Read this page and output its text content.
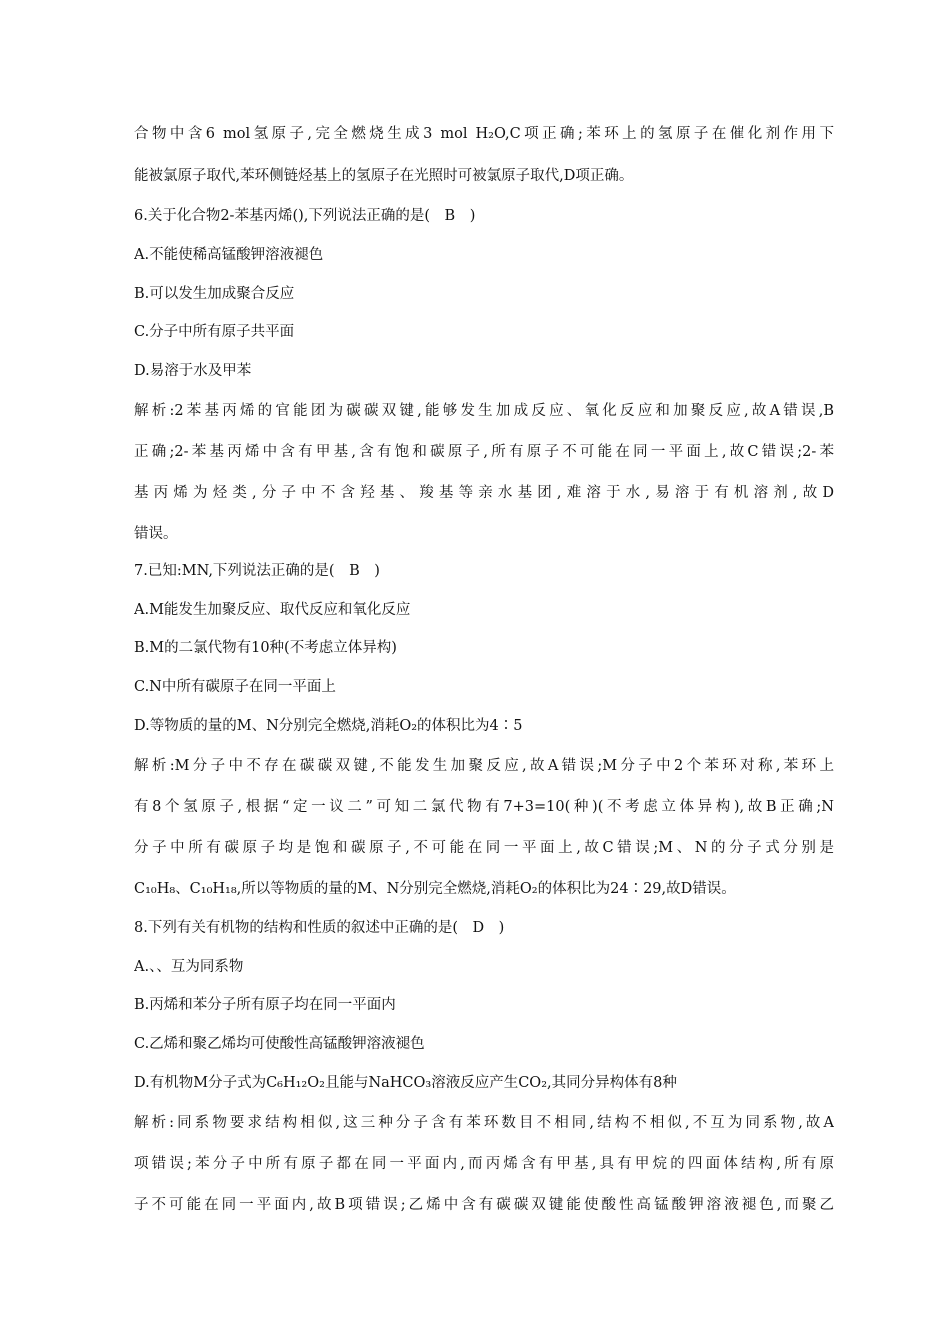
合物中含6 mol氢原子,完全燃烧生成3 mol H₂O,C项正确;苯环上的氢原子在催化剂作用下
能被氯原子取代,苯环侧链烃基上的氢原子在光照时可被氯原子取代,D项正确。
6.关于化合物2-苯基丙烯(),下列说法正确的是(　B　)
A.不能使稀高锰酸钾溶液褪色
B.可以发生加成聚合反应
C.分子中所有原子共平面
D.易溶于水及甲苯
解析:2苯基丙烯的官能团为碳碳双键,能够发生加成反应、氧化反应和加聚反应,故A错误,B
正确;2-苯基丙烯中含有甲基,含有饱和碳原子,所有原子不可能在同一平面上,故C错误;2-苯
基丙烯为烃类,分子中不含羟基、羧基等亲水基团,难溶于水,易溶于有机溶剂,故D
错误。
7.已知:MN,下列说法正确的是(　B　)
A.M能发生加聚反应、取代反应和氧化反应
B.M的二氯代物有10种(不考虑立体异构)
C.N中所有碳原子在同一平面上
D.等物质的量的M、N分别完全燃烧,消耗O₂的体积比为4∶5
解析:M分子中不存在碳碳双键,不能发生加聚反应,故A错误;M分子中2个苯环对称,苯环上
有8个氢原子,根据“定一议二”可知二氯代物有7+3=10(种)(不考虑立体异构),故B正确;N
分子中所有碳原子均是饱和碳原子,不可能在同一平面上,故C错误;M、N的分子式分别是
C₁₀H₈、C₁₀H₁₈,所以等物质的量的M、N分别完全燃烧,消耗O₂的体积比为24∶29,故D错误。
8.下列有关有机物的结构和性质的叙述中正确的是(　D　)
A.、、互为同系物
B.丙烯和苯分子所有原子均在同一平面内
C.乙烯和聚乙烯均可使酸性高锰酸钾溶液褪色
D.有机物M分子式为C₆H₁₂O₂且能与NaHCO₃溶液反应产生CO₂,其同分异构体有8种
解析:同系物要求结构相似,这三种分子含有苯环数目不相同,结构不相似,不互为同系物,故A
项错误;苯分子中所有原子都在同一平面内,而丙烯含有甲基,具有甲烷的四面体结构,所有原
子不可能在同一平面内,故B项错误;乙烯中含有碳碳双键能使酸性高锰酸钾溶液褪色,而聚乙
